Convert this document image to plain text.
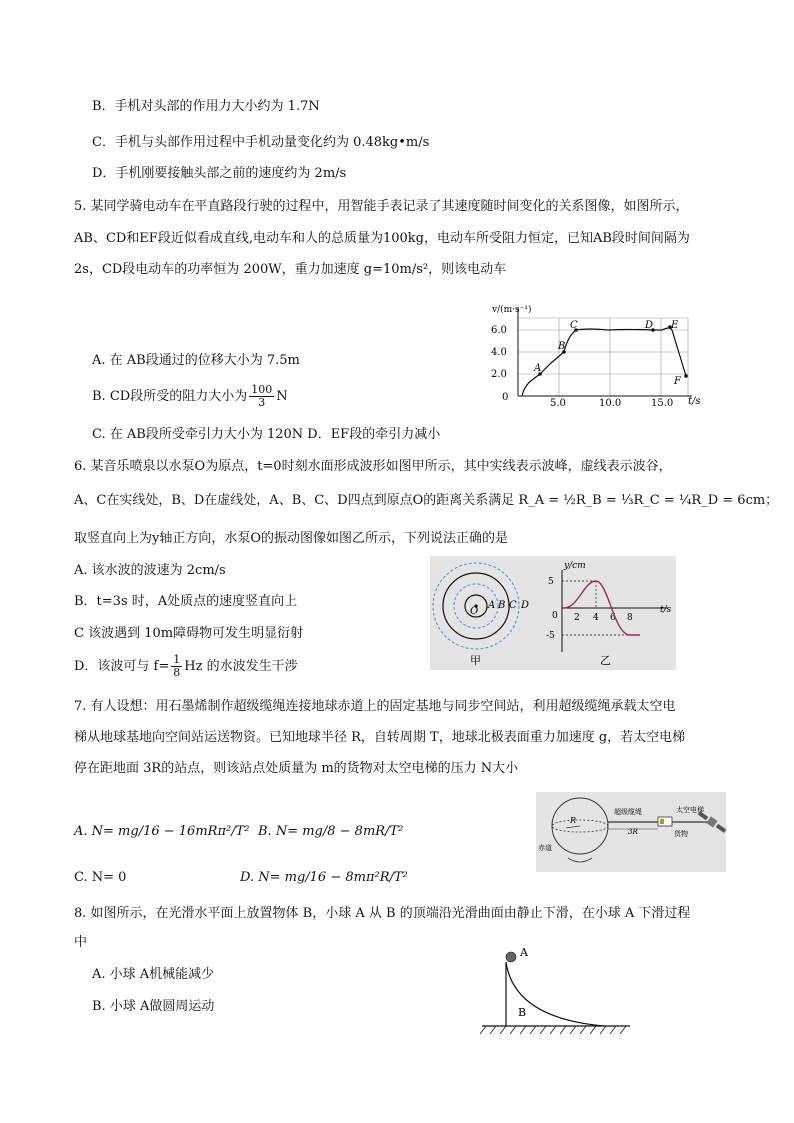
B．手机对头部的作用力大小约为 1.7N
C．手机与头部作用过程中手机动量变化约为 0.48kg•m/s
D．手机刚要接触头部之前的速度约为 2m/s
5. 某同学骑电动车在平直路段行驶的过程中，用智能手表记录了其速度随时间变化的关系图像，如图所示，
AB、CD和EF段近似看成直线,电动车和人的总质量为100kg，电动车所受阻力恒定，已知AB段时间间隔为
2s，CD段电动车的功率恒为 200W，重力加速度 g=10m/s²，则该电动车
A. 在 AB段通过的位移大小为 7.5m
B. CD段所受的阻力大小为 $\frac{100}{3}$ N
C. 在 AB段所受牵引力大小为 120N D．EF段的牵引力减小
v/(m·s⁻¹)
t/s
2.0
4.0
6.0
0
5.0	10.0	15.0
A
B
C	D E
F
6. 某音乐喷泉以水泵O为原点，t=0时刻水面形成波形如图甲所示，其中实线表示波峰，虚线表示波谷，
A、C在实线处，B、D在虚线处，A、B、C、D四点到原点O的距离关系满足 R_A = ½R_B = ⅓R_C = ¼R_D = 6cm；
取竖直向上为y轴正方向，水泵O的振动图像如图乙所示，下列说法正确的是
A. 该水波的波速为 2cm/s
B．t=3s 时，A处质点的速度竖直向上
C 该波遇到 10m障碍物可发生明显衍射
D．该波可与 $f= \frac{1}{8}$ Hz 的水波发生干涉
O
A B C D
甲
y/cm
t/s
5
0
-5
2 4 6 8
乙
7. 有人设想：用石墨烯制作超级缆绳连接地球赤道上的固定基地与同步空间站，利用超级缆绳承载太空电
梯从地球基地向空间站运送物资。已知地球半径 R，自转周期 T，地球北极表面重力加速度 g，若太空电梯
停在距地面 3R的站点，则该站点处质量为 m的货物对太空电梯的压力 N大小
A. N= mg/16 − 16mRπ²/T² B. N= mg/8 − 8mR/T²
C. N= 0	D. N= mg/16 − 8mπ²R/T²
R
超级缆绳	太空电梯
3R	货物
赤道
8. 如图所示，在光滑水平面上放置物体 B，小球 A 从 B 的顶端沿光滑曲面由静止下滑，在小球 A 下滑过程
中
A. 小球 A机械能减少
B. 小球 A做圆周运动
A
B
